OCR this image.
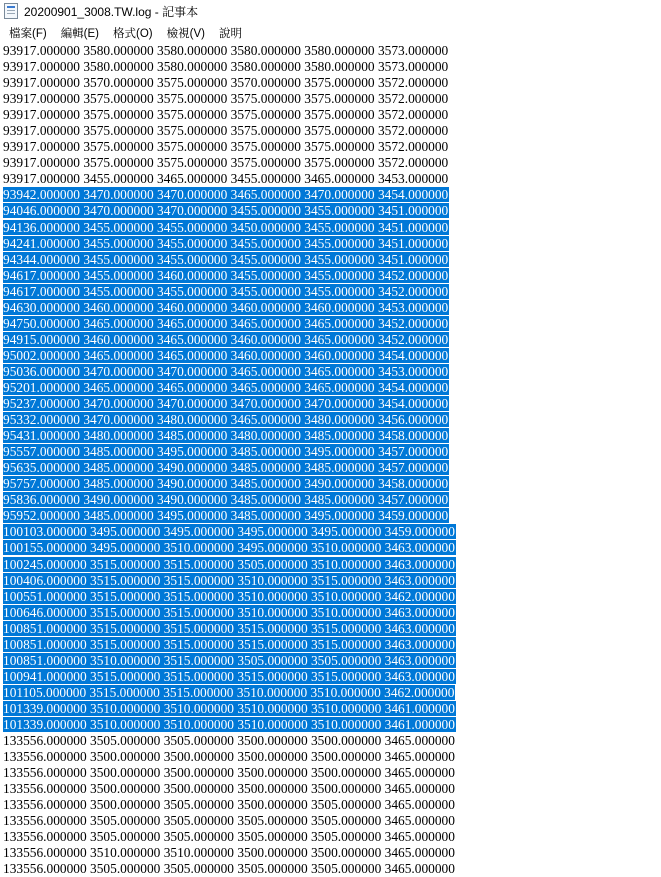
20200901_3008.TW.log - 記事本
檔案(F)	編輯(E)	格式(O)	檢視(V)	說明
93917.000000 3580.000000 3580.000000 3580.000000 3580.000000 3573.000000
93917.000000 3580.000000 3580.000000 3580.000000 3580.000000 3573.000000
93917.000000 3570.000000 3575.000000 3570.000000 3575.000000 3572.000000
93917.000000 3575.000000 3575.000000 3575.000000 3575.000000 3572.000000
93917.000000 3575.000000 3575.000000 3575.000000 3575.000000 3572.000000
93917.000000 3575.000000 3575.000000 3575.000000 3575.000000 3572.000000
93917.000000 3575.000000 3575.000000 3575.000000 3575.000000 3572.000000
93917.000000 3575.000000 3575.000000 3575.000000 3575.000000 3572.000000
93917.000000 3455.000000 3465.000000 3455.000000 3465.000000 3453.000000
93942.000000 3470.000000 3470.000000 3465.000000 3470.000000 3454.000000
94046.000000 3470.000000 3470.000000 3455.000000 3455.000000 3451.000000
94136.000000 3455.000000 3455.000000 3450.000000 3455.000000 3451.000000
94241.000000 3455.000000 3455.000000 3455.000000 3455.000000 3451.000000
94344.000000 3455.000000 3455.000000 3455.000000 3455.000000 3451.000000
94617.000000 3455.000000 3460.000000 3455.000000 3455.000000 3452.000000
94617.000000 3455.000000 3455.000000 3455.000000 3455.000000 3452.000000
94630.000000 3460.000000 3460.000000 3460.000000 3460.000000 3453.000000
94750.000000 3465.000000 3465.000000 3465.000000 3465.000000 3452.000000
94915.000000 3460.000000 3465.000000 3460.000000 3465.000000 3452.000000
95002.000000 3465.000000 3465.000000 3460.000000 3460.000000 3454.000000
95036.000000 3470.000000 3470.000000 3465.000000 3465.000000 3453.000000
95201.000000 3465.000000 3465.000000 3465.000000 3465.000000 3454.000000
95237.000000 3470.000000 3470.000000 3470.000000 3470.000000 3454.000000
95332.000000 3470.000000 3480.000000 3465.000000 3480.000000 3456.000000
95431.000000 3480.000000 3485.000000 3480.000000 3485.000000 3458.000000
95557.000000 3485.000000 3495.000000 3485.000000 3495.000000 3457.000000
95635.000000 3485.000000 3490.000000 3485.000000 3485.000000 3457.000000
95757.000000 3485.000000 3490.000000 3485.000000 3490.000000 3458.000000
95836.000000 3490.000000 3490.000000 3485.000000 3485.000000 3457.000000
95952.000000 3485.000000 3495.000000 3485.000000 3495.000000 3459.000000
100103.000000 3495.000000 3495.000000 3495.000000 3495.000000 3459.000000
100155.000000 3495.000000 3510.000000 3495.000000 3510.000000 3463.000000
100245.000000 3515.000000 3515.000000 3505.000000 3510.000000 3463.000000
100406.000000 3515.000000 3515.000000 3510.000000 3515.000000 3463.000000
100551.000000 3515.000000 3515.000000 3510.000000 3510.000000 3462.000000
100646.000000 3515.000000 3515.000000 3510.000000 3510.000000 3463.000000
100851.000000 3515.000000 3515.000000 3515.000000 3515.000000 3463.000000
100851.000000 3515.000000 3515.000000 3515.000000 3515.000000 3463.000000
100851.000000 3510.000000 3515.000000 3505.000000 3505.000000 3463.000000
100941.000000 3515.000000 3515.000000 3515.000000 3515.000000 3463.000000
101105.000000 3515.000000 3515.000000 3510.000000 3510.000000 3462.000000
101339.000000 3510.000000 3510.000000 3510.000000 3510.000000 3461.000000
101339.000000 3510.000000 3510.000000 3510.000000 3510.000000 3461.000000
133556.000000 3505.000000 3505.000000 3500.000000 3500.000000 3465.000000
133556.000000 3500.000000 3500.000000 3500.000000 3500.000000 3465.000000
133556.000000 3500.000000 3500.000000 3500.000000 3500.000000 3465.000000
133556.000000 3500.000000 3500.000000 3500.000000 3500.000000 3465.000000
133556.000000 3500.000000 3505.000000 3500.000000 3505.000000 3465.000000
133556.000000 3505.000000 3505.000000 3505.000000 3505.000000 3465.000000
133556.000000 3505.000000 3505.000000 3505.000000 3505.000000 3465.000000
133556.000000 3510.000000 3510.000000 3500.000000 3500.000000 3465.000000
133556.000000 3505.000000 3505.000000 3505.000000 3505.000000 3465.000000
